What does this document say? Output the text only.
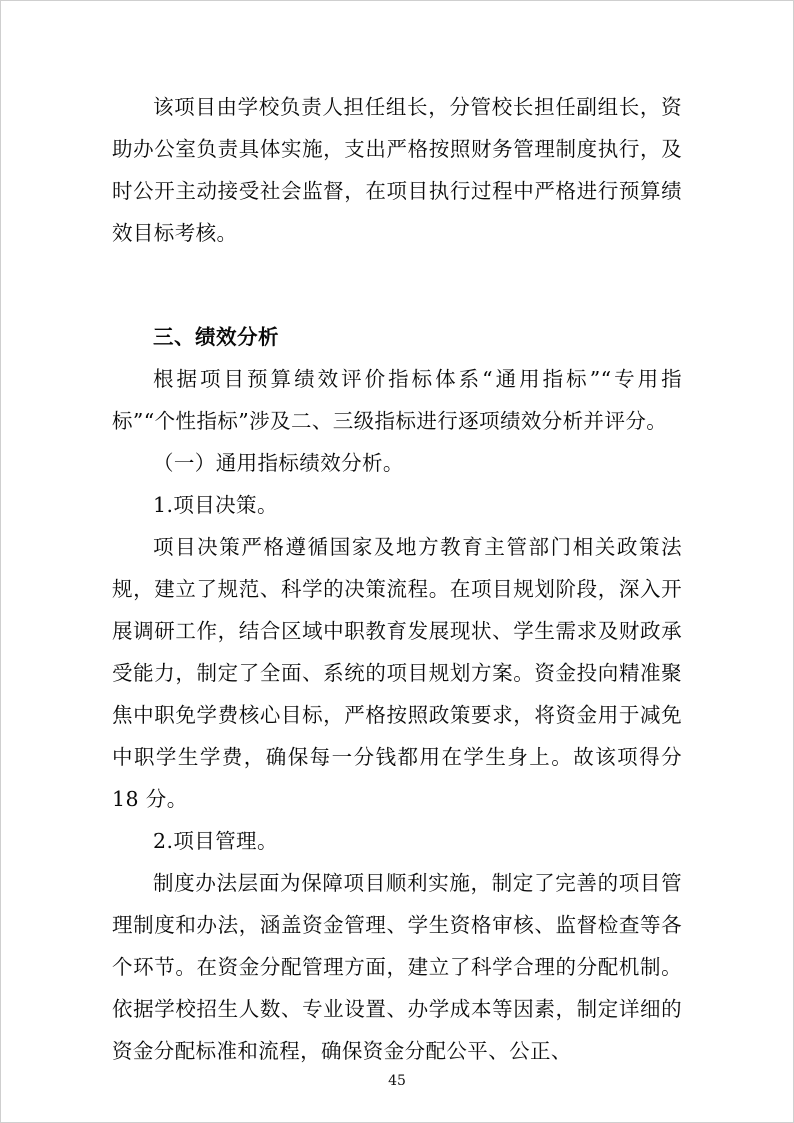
该项目由学校负责人担任组长，分管校长担任副组长，资助办公室负责具体实施，支出严格按照财务管理制度执行，及时公开主动接受社会监督，在项目执行过程中严格进行预算绩效目标考核。

三、绩效分析

根据项目预算绩效评价指标体系“通用指标”“专用指标”“个性指标”涉及二、三级指标进行逐项绩效分析并评分。

（一）通用指标绩效分析。

1.项目决策。

项目决策严格遵循国家及地方教育主管部门相关政策法规，建立了规范、科学的决策流程。在项目规划阶段，深入开展调研工作，结合区域中职教育发展现状、学生需求及财政承受能力，制定了全面、系统的项目规划方案。资金投向精准聚焦中职免学费核心目标，严格按照政策要求，将资金用于减免中职学生学费，确保每一分钱都用在学生身上。故该项得分 18 分。

2.项目管理。

制度办法层面为保障项目顺利实施，制定了完善的项目管理制度和办法，涵盖资金管理、学生资格审核、监督检查等各个环节。在资金分配管理方面，建立了科学合理的分配机制。依据学校招生人数、专业设置、办学成本等因素，制定详细的资金分配标准和流程，确保资金分配公平、公正、

45
